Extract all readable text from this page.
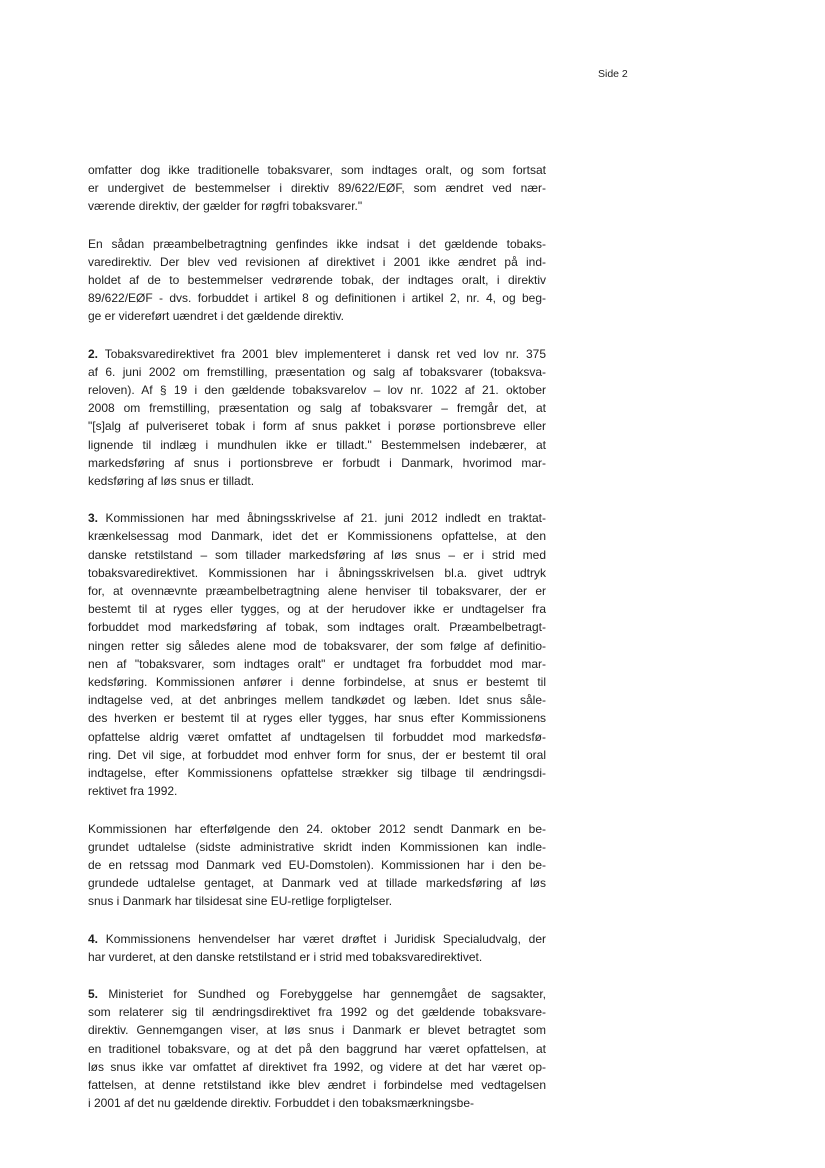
Side 2
omfatter dog ikke traditionelle tobaksvarer, som indtages oralt, og som fortsat
er undergivet de bestemmelser i direktiv 89/622/EØF, som ændret ved nær-
værende direktiv, der gælder for røgfri tobaksvarer."
En sådan præambelbetragtning genfindes ikke indsat i det gældende tobaks-
varedirektiv. Der blev ved revisionen af direktivet i 2001 ikke ændret på ind-
holdet af de to bestemmelser vedrørende tobak, der indtages oralt, i direktiv
89/622/EØF - dvs. forbuddet i artikel 8 og definitionen i artikel 2, nr. 4, og beg-
ge er videreført uændret i det gældende direktiv.
2. Tobaksvaredirektivet fra 2001 blev implementeret i dansk ret ved lov nr. 375
af 6. juni 2002 om fremstilling, præsentation og salg af tobaksvarer (tobaksva-
reloven). Af § 19 i den gældende tobaksvarelov – lov nr. 1022 af 21. oktober
2008 om fremstilling, præsentation og salg af tobaksvarer – fremgår det, at
"[s]alg af pulveriseret tobak i form af snus pakket i porøse portionsbreve eller
lignende til indlæg i mundhulen ikke er tilladt." Bestemmelsen indebærer, at
markedsføring af snus i portionsbreve er forbudt i Danmark, hvorimod mar-
kedsføring af løs snus er tilladt.
3. Kommissionen har med åbningsskrivelse af 21. juni 2012 indledt en traktat-
krænkelsessag mod Danmark, idet det er Kommissionens opfattelse, at den
danske retstilstand – som tillader markedsføring af løs snus – er i strid med
tobaksvaredirektivet. Kommissionen har i åbningsskrivelsen bl.a. givet udtryk
for, at ovennævnte præambelbetragtning alene henviser til tobaksvarer, der er
bestemt til at ryges eller tygges, og at der herudover ikke er undtagelser fra
forbuddet mod markedsføring af tobak, som indtages oralt. Præambelbetragt-
ningen retter sig således alene mod de tobaksvarer, der som følge af definitio-
nen af "tobaksvarer, som indtages oralt" er undtaget fra forbuddet mod mar-
kedsføring. Kommissionen anfører i denne forbindelse, at snus er bestemt til
indtagelse ved, at det anbringes mellem tandkødet og læben. Idet snus såle-
des hverken er bestemt til at ryges eller tygges, har snus efter Kommissionens
opfattelse aldrig været omfattet af undtagelsen til forbuddet mod markedsfø-
ring. Det vil sige, at forbuddet mod enhver form for snus, der er bestemt til oral
indtagelse, efter Kommissionens opfattelse strækker sig tilbage til ændringsdi-
rektivet fra 1992.
Kommissionen har efterfølgende den 24. oktober 2012 sendt Danmark en be-
grundet udtalelse (sidste administrative skridt inden Kommissionen kan indle-
de en retssag mod Danmark ved EU-Domstolen). Kommissionen har i den be-
grundede udtalelse gentaget, at Danmark ved at tillade markedsføring af løs
snus i Danmark har tilsidesat sine EU-retlige forpligtelser.
4. Kommissionens henvendelser har været drøftet i Juridisk Specialudvalg, der
har vurderet, at den danske retstilstand er i strid med tobaksvaredirektivet.
5. Ministeriet for Sundhed og Forebyggelse har gennemgået de sagsakter,
som relaterer sig til ændringsdirektivet fra 1992 og det gældende tobaksvare-
direktiv. Gennemgangen viser, at løs snus i Danmark er blevet betragtet som
en traditionel tobaksvare, og at det på den baggrund har været opfattelsen, at
løs snus ikke var omfattet af direktivet fra 1992, og videre at det har været op-
fattelsen, at denne retstilstand ikke blev ændret i forbindelse med vedtagelsen
i 2001 af det nu gældende direktiv. Forbuddet i den tobaksmærkningsbe-
